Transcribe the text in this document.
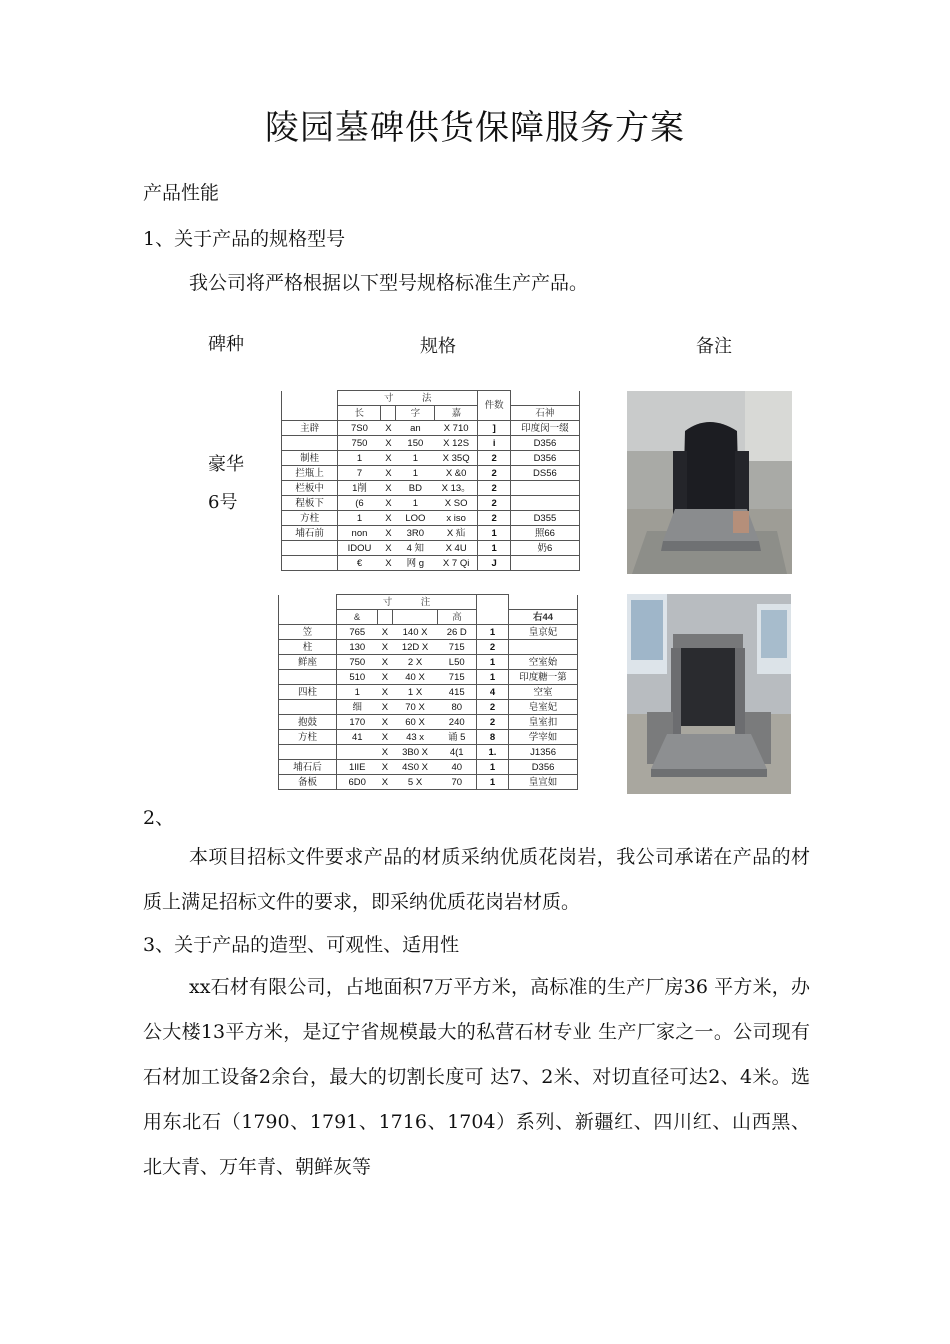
陵园墓碑供货保障服务方案
产品性能
1、关于产品的规格型号
我公司将严格根据以下型号规格标准生产产品。
碑种	规格	备注
豪华
6号
	寸　　　法				件数	
	长		字	嘉		石神
主辟	7S0	X	an	X 710	]	印度闵一缀
	750	X	150	X 12S	i	D356
制桂	1	X	1	X 35Q	2	D356
拦瓶上	7	X	1	X &0	2	DS56
栏板中	1削	X	BD	X 13。	2	
程板下	(6	X	1	X SO	2	
方柱	1	X	LOO	x iso	2	D355
埔石前	non	X	3R0	X 疝	1	照66
	IDOU	X	4 知	X 4U	1	奶6
	€	X	网 g	X 7 Qi	J	
	寸　　　注					
	&			高		右44
笠	765	X	140 X	26 D	1	皇京妃
柱	130	X	12D X	715	2	
鲜座	750	X	2 X	L50	1	空室始
	510	X	40 X	715	1	印度糖一第
四柱	1	X	1 X	415	4	空室
	细	X	70 X	80	2	皂室妃
抱鼓	170	X	60 X	240	2	皇室扣
方柱	41	X	43 x	诵 5	8	学宰如
		X	3B0 X	4(1	1.	J1356
埔石后	1lIE	X	4S0 X	40	1	D356
备板	6D0	X	5 X	70	1	皇宣如
2、
本项目招标文件要求产品的材质采纳优质花岗岩，我公司承诺在产品的材质上满足招标文件的要求，即采纳优质花岗岩材质。
3、关于产品的造型、可观性、适用性
xx石材有限公司，占地面积7万平方米，高标准的生产厂房36 平方米，办公大楼13平方米，是辽宁省规模最大的私营石材专业 生产厂家之一。公司现有石材加工设备2余台，最大的切割长度可 达7、2米、对切直径可达2、4米。选用东北石（1790、1791、1716、1704）系列、新疆红、四川红、山西黑、北大青、万年青、朝鲜灰等
